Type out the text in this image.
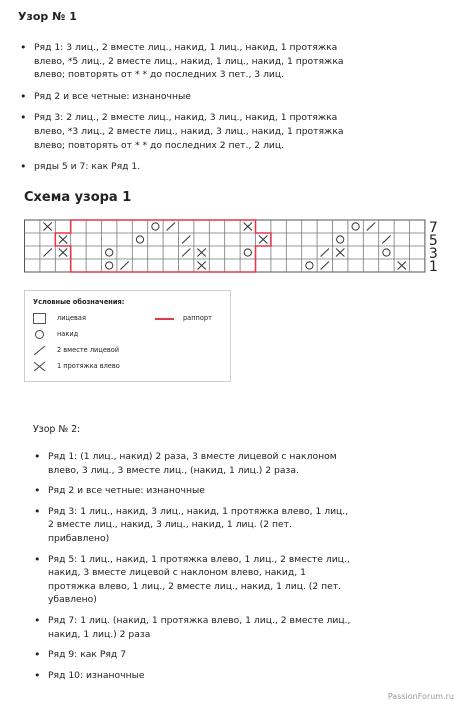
Узор № 1

• Ряд 1: 3 лиц., 2 вместе лиц., накид, 1 лиц., накид, 1 протяжка влево, *5 лиц., 2 вместе лиц., накид, 1 лиц., накид, 1 протяжка влево; повторять от * * до последних 3 пет., 3 лиц.
• Ряд 2 и все четные: изнаночные
• Ряд 3: 2 лиц., 2 вместе лиц., накид, 3 лиц., накид, 1 протяжка влево, *3 лиц., 2 вместе лиц., накид, 3 лиц., накид, 1 протяжка влево; повторять от * * до последних 2 пет., 2 лиц.
• ряды 5 и 7: как Ряд 1.

Схема узора 1

7
5
3
1
Условные обозначения:
лицевая
накид
2 вместе лицевой
1 протяжка влево
раппорт

Узор № 2:

• Ряд 1: (1 лиц., накид) 2 раза, 3 вместе лицевой с наклоном влево, 3 лиц., 3 вместе лиц., (накид, 1 лиц.) 2 раза.
• Ряд 2 и все четные: изнаночные
• Ряд 3: 1 лиц., накид, 3 лиц., накид, 1 протяжка влево, 1 лиц., 2 вместе лиц., накид, 3 лиц., накид, 1 лиц. (2 пет. прибавлено)
• Ряд 5: 1 лиц., накид, 1 протяжка влево, 1 лиц., 2 вместе лиц., накид, 3 вместе лицевой с наклоном влево, накид, 1 протяжка влево, 1 лиц., 2 вместе лиц., накид, 1 лиц. (2 пет. убавлено)
• Ряд 7: 1 лиц. (накид, 1 протяжка влево, 1 лиц., 2 вместе лиц., накид, 1 лиц.) 2 раза
• Ряд 9: как Ряд 7
• Ряд 10: изнаночные
PassionForum.ru
